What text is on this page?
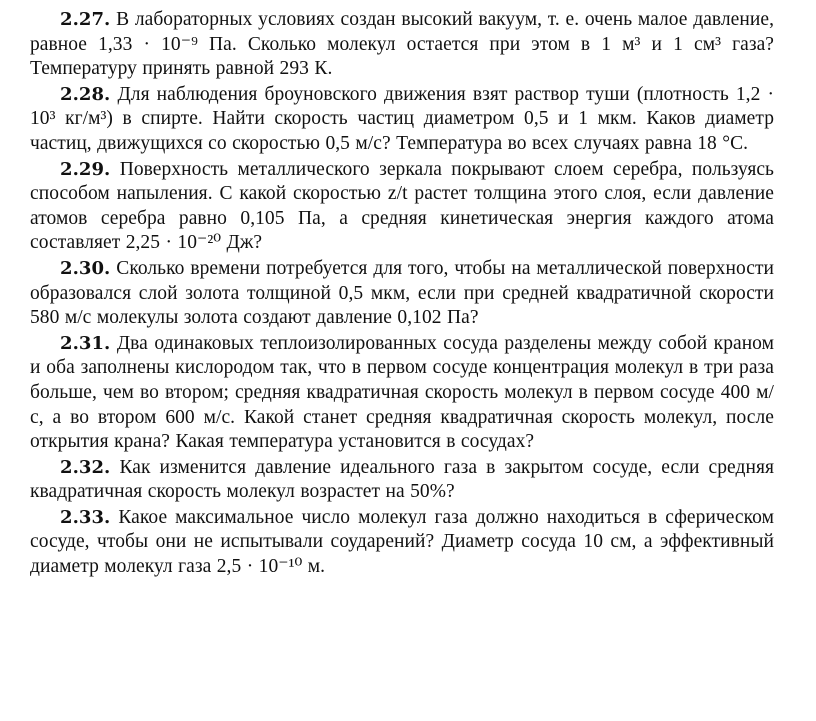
2.27. В лабораторных условиях создан высокий вакуум, т. е. очень малое давление, равное 1,33 · 10⁻⁹ Па. Сколько молекул остается при этом в 1 м³ и 1 см³ газа? Температуру принять равной 293 К.

2.28. Для наблюдения броуновского движения взят раствор туши (плотность 1,2 · 10³ кг/м³) в спирте. Найти скорость частиц диаметром 0,5 и 1 мкм. Каков диаметр частиц, движущихся со скоростью 0,5 м/с? Температура во всех случаях равна 18 °С.

2.29. Поверхность металлического зеркала покрывают слоем серебра, пользуясь способом напыления. С какой скоростью z/t растет толщина этого слоя, если давление атомов серебра равно 0,105 Па, а средняя кинетическая энергия каждого атома составляет 2,25 · 10⁻²⁰ Дж?

2.30. Сколько времени потребуется для того, чтобы на металлической поверхности образовался слой золота толщиной 0,5 мкм, если при средней квадратичной скорости 580 м/с молекулы золота создают давление 0,102 Па?

2.31. Два одинаковых теплоизолированных сосуда разделены между собой краном и оба заполнены кислородом так, что в первом сосуде концентрация молекул в три раза больше, чем во втором; средняя квадратичная скорость молекул в первом сосуде 400 м/с, а во втором 600 м/с. Какой станет средняя квадратичная скорость молекул, после открытия крана? Какая температура установится в сосудах?

2.32. Как изменится давление идеального газа в закрытом сосуде, если средняя квадратичная скорость молекул возрастет на 50%?

2.33. Какое максимальное число молекул газа должно находиться в сферическом сосуде, чтобы они не испытывали соударений? Диаметр сосуда 10 см, а эффективный диаметр молекул газа 2,5 · 10⁻¹⁰ м.
